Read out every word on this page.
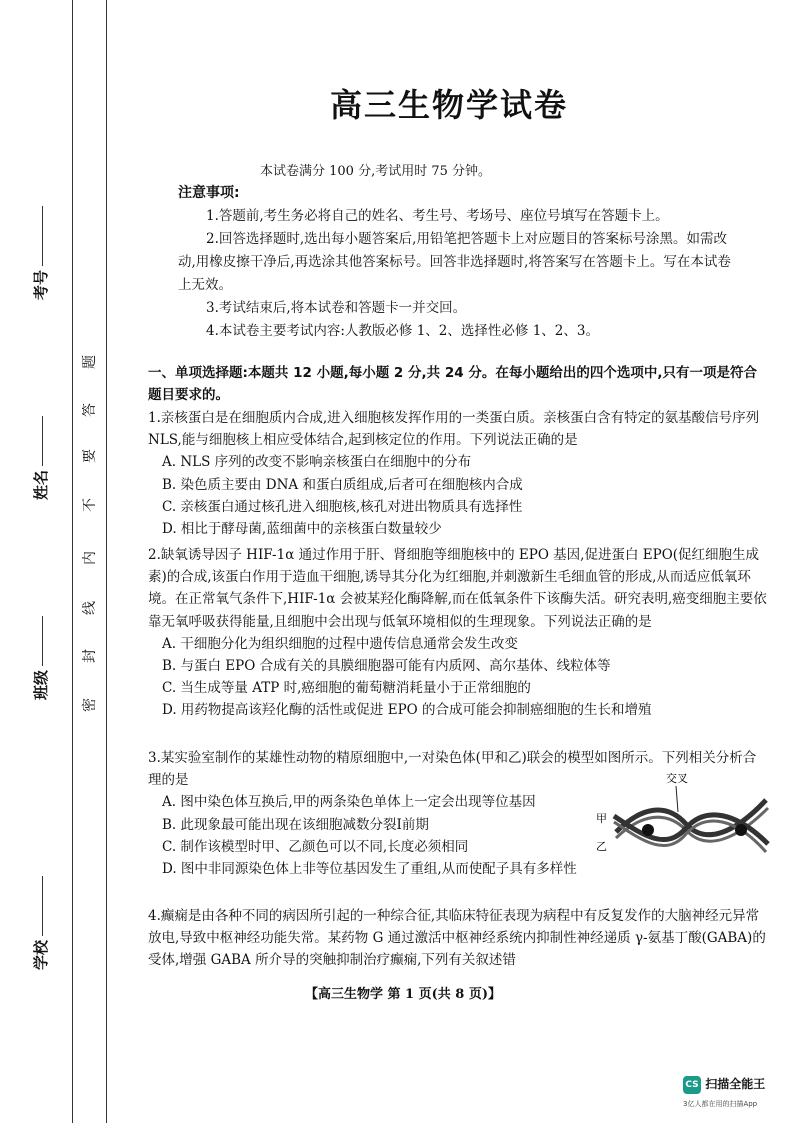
考号
姓名
班级
学校
题
答
要
不
内
线
封
密
高三生物学试卷
本试卷满分 100 分,考试用时 75 分钟。
注意事项:

1.答题前,考生务必将自己的姓名、考生号、考场号、座位号填写在答题卡上。

2.回答选择题时,选出每小题答案后,用铅笔把答题卡上对应题目的答案标号涂黑。如需改动,用橡皮擦干净后,再选涂其他答案标号。回答非选择题时,将答案写在答题卡上。写在本试卷上无效。

3.考试结束后,将本试卷和答题卡一并交回。

4.本试卷主要考试内容:人教版必修 1、2、选择性必修 1、2、3。

一、单项选择题:本题共 12 小题,每小题 2 分,共 24 分。在每小题给出的四个选项中,只有一项是符合题目要求的。

1.亲核蛋白是在细胞质内合成,进入细胞核发挥作用的一类蛋白质。亲核蛋白含有特定的氨基酸信号序列 NLS,能与细胞核上相应受体结合,起到核定位的作用。下列说法正确的是

A. NLS 序列的改变不影响亲核蛋白在细胞中的分布

B. 染色质主要由 DNA 和蛋白质组成,后者可在细胞核内合成

C. 亲核蛋白通过核孔进入细胞核,核孔对进出物质具有选择性

D. 相比于酵母菌,蓝细菌中的亲核蛋白数量较少

2.缺氧诱导因子 HIF-1α 通过作用于肝、肾细胞等细胞核中的 EPO 基因,促进蛋白 EPO(促红细胞生成素)的合成,该蛋白作用于造血干细胞,诱导其分化为红细胞,并刺激新生毛细血管的形成,从而适应低氧环境。在正常氧气条件下,HIF-1α 会被某羟化酶降解,而在低氧条件下该酶失活。研究表明,癌变细胞主要依靠无氧呼吸获得能量,且细胞中会出现与低氧环境相似的生理现象。下列说法正确的是

A. 干细胞分化为组织细胞的过程中遗传信息通常会发生改变

B. 与蛋白 EPO 合成有关的具膜细胞器可能有内质网、高尔基体、线粒体等

C. 当生成等量 ATP 时,癌细胞的葡萄糖消耗量小于正常细胞的

D. 用药物提高该羟化酶的活性或促进 EPO 的合成可能会抑制癌细胞的生长和增殖

3.某实验室制作的某雄性动物的精原细胞中,一对染色体(甲和乙)联会的模型如图所示。下列相关分析合理的是

A. 图中染色体互换后,甲的两条染色单体上一定会出现等位基因

B. 此现象最可能出现在该细胞减数分裂Ⅰ前期

C. 制作该模型时甲、乙颜色可以不同,长度必须相同

D. 图中非同源染色体上非等位基因发生了重组,从而使配子具有多样性

交叉
甲
乙

4.癫痫是由各种不同的病因所引起的一种综合征,其临床特征表现为病程中有反复发作的大脑神经元异常放电,导致中枢神经功能失常。某药物 G 通过激活中枢神经系统内抑制性神经递质 γ-氨基丁酸(GABA)的受体,增强 GABA 所介导的突触抑制治疗癫痫,下列有关叙述错

【高三生物学 第 1 页(共 8 页)】
CS 扫描全能王
3亿人都在用的扫描App
